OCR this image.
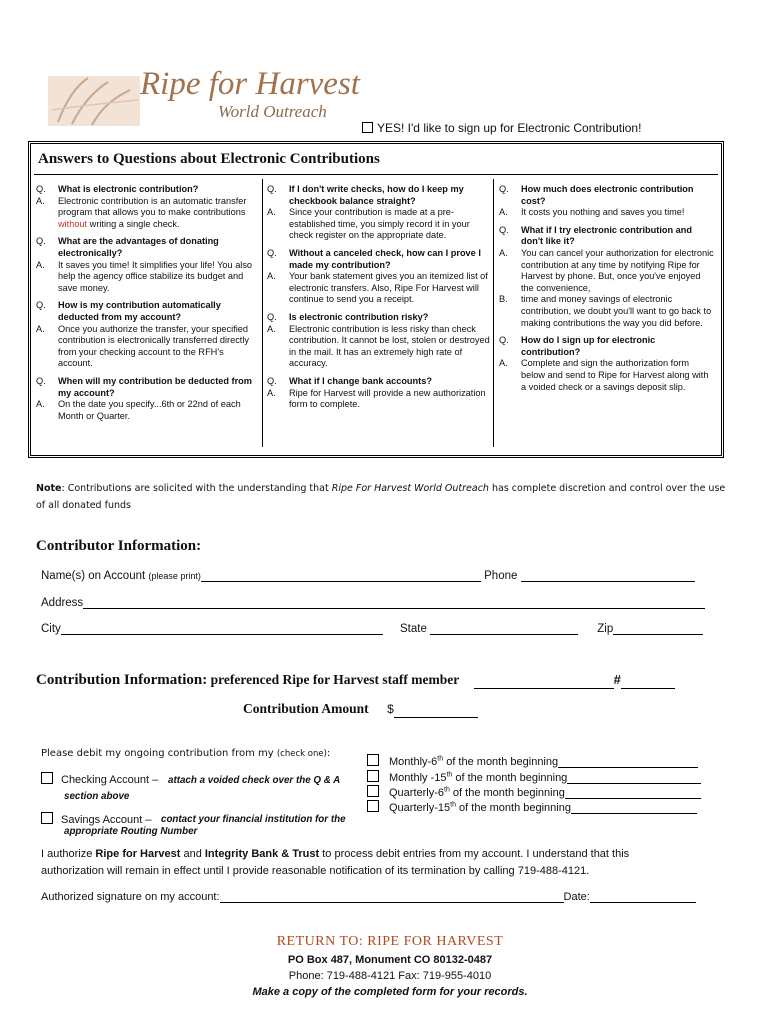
Ripe for Harvest
World Outreach
YES! I'd like to sign up for Electronic Contribution!
Answers to Questions about Electronic Contributions
Q.	What is electronic contribution?
A.	Electronic contribution is an automatic transfer program that allows you to make contributions without writing a single check.
Q.	What are the advantages of donating electronically?
A.	It saves you time! It simplifies your life! You also help the agency office stabilize its budget and save money.
Q.	How is my contribution automatically deducted from my account?
A.	Once you authorize the transfer, your specified contribution is electronically transferred directly from your checking account to the RFH's account.
Q.	When will my contribution be deducted from my account?
A.	On the date you specify...6th or 22nd of each Month or Quarter.
Q.	If I don't write checks, how do I keep my checkbook balance straight?
A.	Since your contribution is made at a pre-established time, you simply record it in your check register on the appropriate date.
Q.	Without a canceled check, how can I prove I made my contribution?
A.	Your bank statement gives you an itemized list of electronic transfers. Also, Ripe For Harvest will continue to send you a receipt.
Q.	Is electronic contribution risky?
A.	Electronic contribution is less risky than check contribution. It cannot be lost, stolen or destroyed in the mail. It has an extremely high rate of accuracy.
Q.	What if I change bank accounts?
A.	Ripe for Harvest will provide a new authorization form to complete.
Q.	How much does electronic contribution cost?
A.	It costs you nothing and saves you time!
Q.	What if I try electronic contribution and don't like it?
A.	You can cancel your authorization for electronic contribution at any time by notifying Ripe for Harvest by phone. But, once you've enjoyed the convenience,
B.	time and money savings of electronic contribution, we doubt you'll want to go back to making contributions the way you did before.
Q.	How do I sign up for electronic contribution?
A.	Complete and sign the authorization form below and send to Ripe for Harvest along with a voided check or a savings deposit slip.
Note: Contributions are solicited with the understanding that Ripe For Harvest World Outreach has complete discretion and control over the use of all donated funds
Contributor Information:
Name(s) on Account (please print)	Phone
Address
City	State	Zip
Contribution Information: preferenced Ripe for Harvest staff member	#
Contribution Amount $
Please debit my ongoing contribution from my (check one):
Checking Account – attach a voided check over the Q & A section above
Savings Account – contact your financial institution for the appropriate Routing Number
Monthly-6th of the month beginning
Monthly -15th of the month beginning
Quarterly-6th of the month beginning
Quarterly-15th of the month beginning
I authorize Ripe for Harvest and Integrity Bank & Trust to process debit entries from my account. I understand that this authorization will remain in effect until I provide reasonable notification of its termination by calling 719-488-4121.
Authorized signature on my account:	Date:
RETURN TO: RIPE FOR HARVEST
PO Box 487, Monument CO 80132-0487
Phone: 719-488-4121 Fax: 719-955-4010
Make a copy of the completed form for your records.
